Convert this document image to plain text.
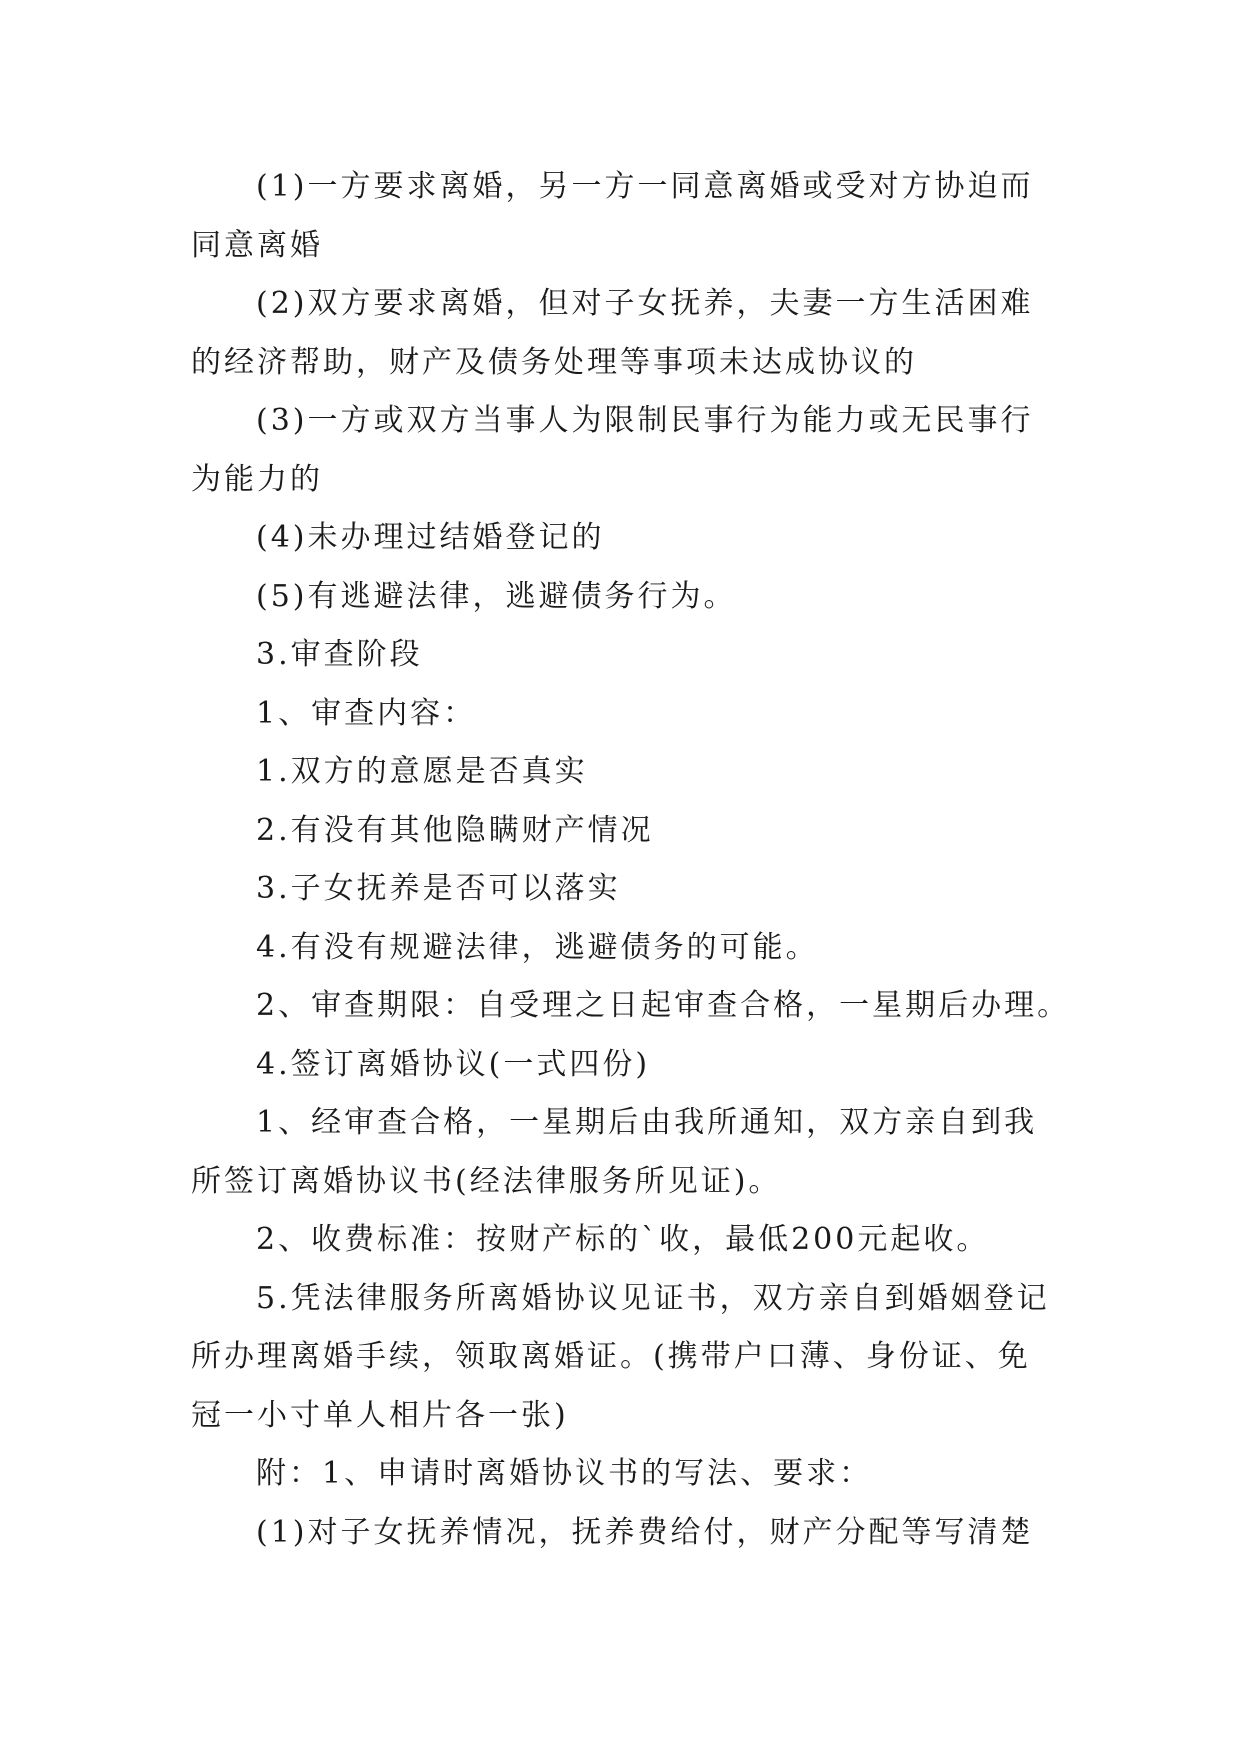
(1)一方要求离婚，另一方一同意离婚或受对方协迫而
同意离婚

(2)双方要求离婚，但对子女抚养，夫妻一方生活困难
的经济帮助，财产及债务处理等事项未达成协议的

(3)一方或双方当事人为限制民事行为能力或无民事行
为能力的

(4)未办理过结婚登记的

(5)有逃避法律，逃避债务行为。

3.审查阶段

1、审查内容：

1.双方的意愿是否真实

2.有没有其他隐瞒财产情况

3.子女抚养是否可以落实

4.有没有规避法律，逃避债务的可能。

2、审查期限：自受理之日起审查合格，一星期后办理。

4.签订离婚协议(一式四份)

1、经审查合格，一星期后由我所通知，双方亲自到我
所签订离婚协议书(经法律服务所见证)。

2、收费标准：按财产标的`收，最低200元起收。

5.凭法律服务所离婚协议见证书，双方亲自到婚姻登记
所办理离婚手续，领取离婚证。(携带户口薄、身份证、免
冠一小寸单人相片各一张)

附：1、申请时离婚协议书的写法、要求：

(1)对子女抚养情况，抚养费给付，财产分配等写清楚
